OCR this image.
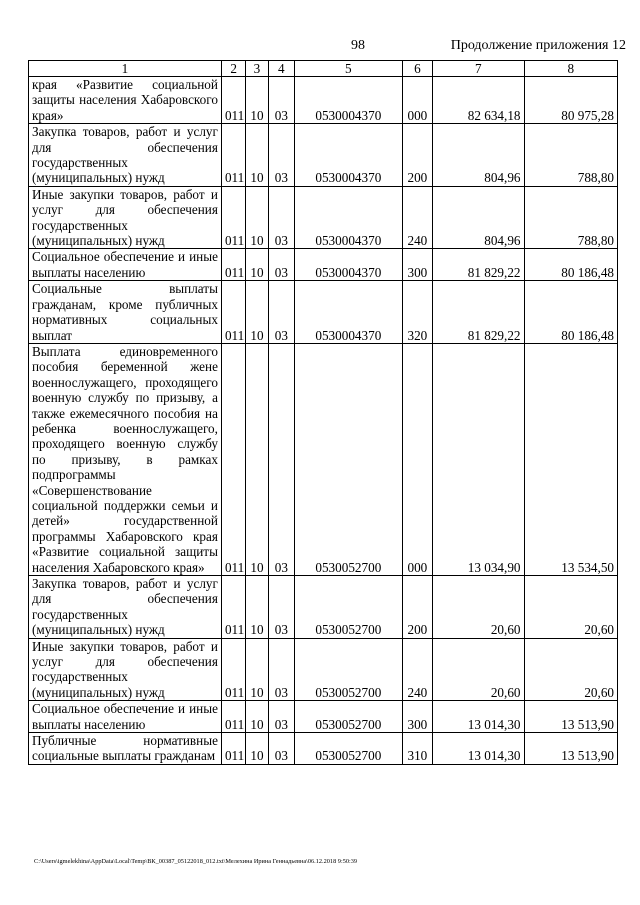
98	Продолжение приложения 12
1	2	3	4	5	6	7	8
края «Развитие социальной защиты населения Хабаровского края»	011	10	03	0530004370	000	82 634,18	80 975,28
Закупка товаров, работ и услуг для обеспечения государственных (муниципальных) нужд	011	10	03	0530004370	200	804,96	788,80
Иные закупки товаров, работ и услуг для обеспечения государственных (муниципальных) нужд	011	10	03	0530004370	240	804,96	788,80
Социальное обеспечение и иные выплаты населению	011	10	03	0530004370	300	81 829,22	80 186,48
Социальные выплаты гражданам, кроме публичных нормативных социальных выплат	011	10	03	0530004370	320	81 829,22	80 186,48
Выплата единовременного пособия беременной жене военнослужащего, проходящего военную службу по призыву, а также ежемесячного пособия на ребенка военнослужащего, проходящего военную службу по призыву, в рамках подпрограммы «Совершенствование социальной поддержки семьи и детей» государственной программы Хабаровского края «Развитие социальной защиты населения Хабаровского края»	011	10	03	0530052700	000	13 034,90	13 534,50
Закупка товаров, работ и услуг для обеспечения государственных (муниципальных) нужд	011	10	03	0530052700	200	20,60	20,60
Иные закупки товаров, работ и услуг для обеспечения государственных (муниципальных) нужд	011	10	03	0530052700	240	20,60	20,60
Социальное обеспечение и иные выплаты населению	011	10	03	0530052700	300	13 014,30	13 513,90
Публичные нормативные социальные выплаты гражданам	011	10	03	0530052700	310	13 014,30	13 513,90
C:\Users\igmelekhina\AppData\Local\Temp\ВК_00387_05122018_012.txt\Мелехина Ирина Геннадьевна\06.12.2018 9:50:39
